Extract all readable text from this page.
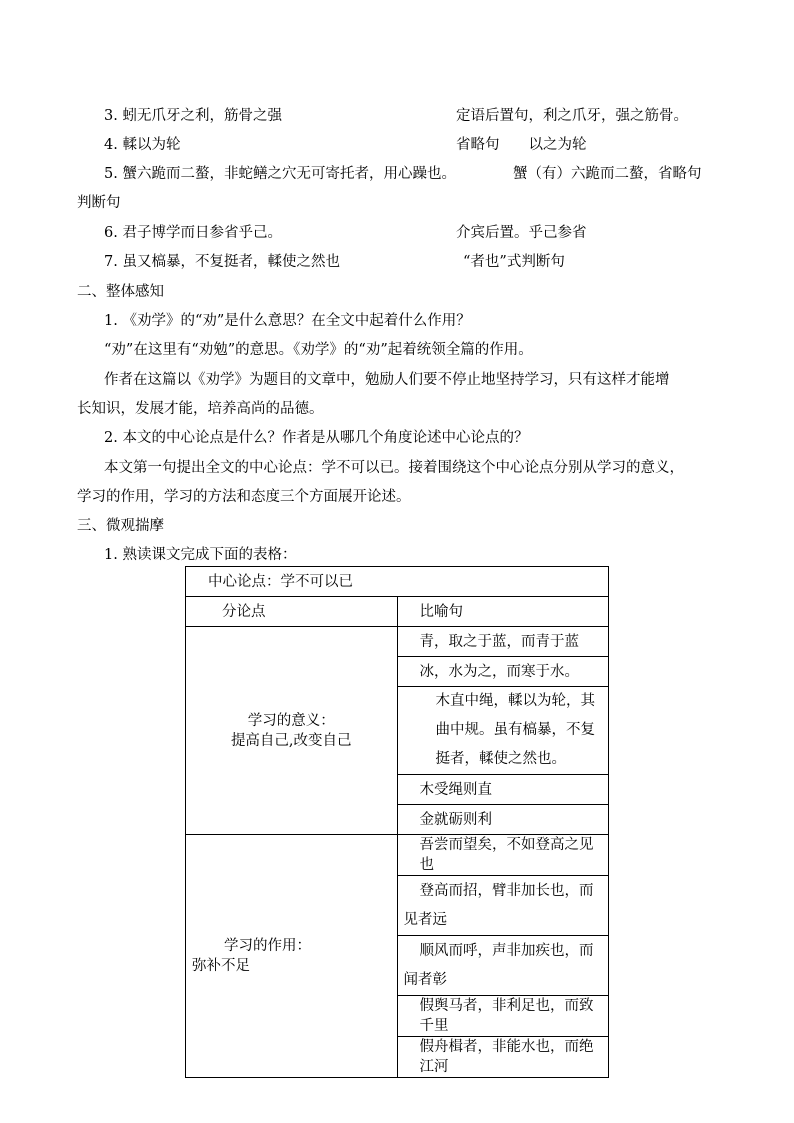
3. 蚓无爪牙之利，筋骨之强	定语后置句，利之爪牙，强之筋骨。
4. 輮以为轮	省略句　　以之为轮
5. 蟹六跪而二螯，非蛇鳝之穴无可寄托者，用心躁也。	蟹（有）六跪而二螯，省略句
判断句
6. 君子博学而日参省乎己。	介宾后置。乎己参省
7. 虽又槁暴，不复挺者，輮使之然也	“者也”式判断句
二、整体感知
1. 《劝学》的“劝”是什么意思？在全文中起着什么作用？
“劝”在这里有“劝勉”的意思。《劝学》的“劝”起着统领全篇的作用。
作者在这篇以《劝学》为题目的文章中，勉励人们要不停止地坚持学习，只有这样才能增
长知识，发展才能，培养高尚的品德。
2. 本文的中心论点是什么？作者是从哪几个角度论述中心论点的？
本文第一句提出全文的中心论点：学不可以已。接着围绕这个中心论点分别从学习的意义，
学习的作用，学习的方法和态度三个方面展开论述。
三、微观揣摩
1. 熟读课文完成下面的表格：
中心论点：学不可以已	
分论点	比喻句

学习的意义：
提高自己,改变自己	青，取之于蓝，而青于蓝
	冰，水为之，而寒于水。

	木直中绳，輮以为轮，其曲中规。虽有槁暴，不复挺者，輮使之然也。

	木受绳则直
	金就砺则利

学习的作用：
弥补不足	吾尝而望矣，不如登高之见也

	登高而招，臂非加长也，而见者远

	顺风而呼，声非加疾也，而闻者彰

	假舆马者，非利足也，而致千里
	假舟楫者，非能水也，而绝江河
